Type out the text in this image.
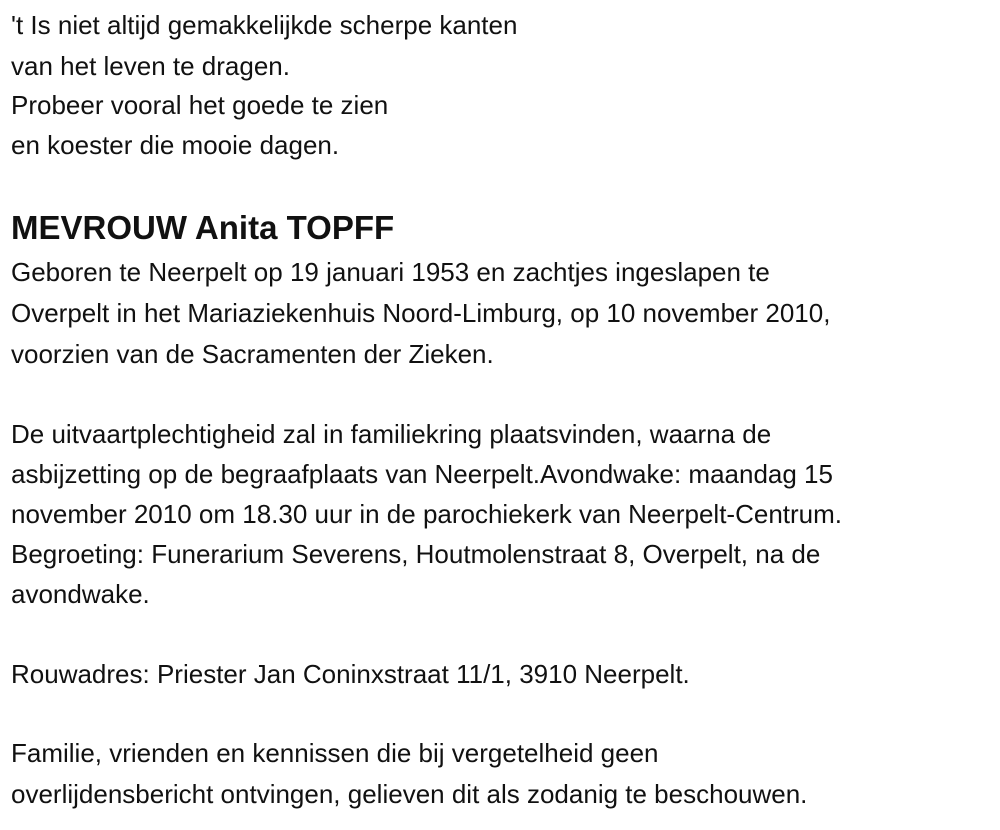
't Is niet altijd gemakkelijkde scherpe kanten
van het leven te dragen.
Probeer vooral het goede te zien
en koester die mooie dagen.
MEVROUW Anita TOPFF
Geboren te Neerpelt op 19 januari 1953 en zachtjes ingeslapen te
Overpelt in het Mariaziekenhuis Noord-Limburg, op 10 november 2010,
voorzien van de Sacramenten der Zieken.
De uitvaartplechtigheid zal in familiekring plaatsvinden, waarna de
asbijzetting op de begraafplaats van Neerpelt.Avondwake: maandag 15
november 2010 om 18.30 uur in de parochiekerk van Neerpelt-Centrum.
Begroeting: Funerarium Severens, Houtmolenstraat 8, Overpelt, na de
avondwake.
Rouwadres: Priester Jan Coninxstraat 11/1, 3910 Neerpelt.
Familie, vrienden en kennissen die bij vergetelheid geen
overlijdensbericht ontvingen, gelieven dit als zodanig te beschouwen.
